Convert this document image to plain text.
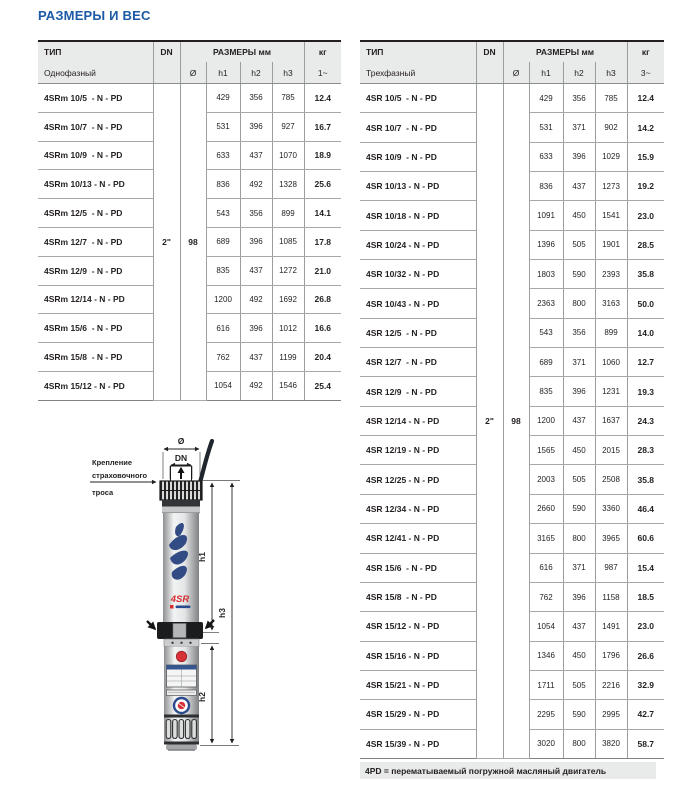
РАЗМЕРЫ И ВЕС
ТИП	DN	РАЗМЕРЫ мм				кг
Однофазный		Ø	h1	h2	h3	1~
4SRm 10/5  - N - PD	2"	98	429	356	785	12.4
4SRm 10/7  - N - PD			531	396	927	16.7
4SRm 10/9  - N - PD			633	437	1070	18.9
4SRm 10/13 - N - PD			836	492	1328	25.6
4SRm 12/5  - N - PD			543	356	899	14.1
4SRm 12/7  - N - PD			689	396	1085	17.8
4SRm 12/9  - N - PD			835	437	1272	21.0
4SRm 12/14 - N - PD			1200	492	1692	26.8
4SRm 15/6  - N - PD			616	396	1012	16.6
4SRm 15/8  - N - PD			762	437	1199	20.4
4SRm 15/12 - N - PD			1054	492	1546	25.4
ТИП	DN	РАЗМЕРЫ мм				кг
Трехфазный		Ø	h1	h2	h3	3~
4SR 10/5  - N - PD	2"	98	429	356	785	12.4
4SR 10/7  - N - PD			531	371	902	14.2
4SR 10/9  - N - PD			633	396	1029	15.9
4SR 10/13 - N - PD			836	437	1273	19.2
4SR 10/18 - N - PD			1091	450	1541	23.0
4SR 10/24 - N - PD			1396	505	1901	28.5
4SR 10/32 - N - PD			1803	590	2393	35.8
4SR 10/43 - N - PD			2363	800	3163	50.0
4SR 12/5  - N - PD			543	356	899	14.0
4SR 12/7  - N - PD			689	371	1060	12.7
4SR 12/9  - N - PD			835	396	1231	19.3
4SR 12/14 - N - PD			1200	437	1637	24.3
4SR 12/19 - N - PD			1565	450	2015	28.3
4SR 12/25 - N - PD			2003	505	2508	35.8
4SR 12/34 - N - PD			2660	590	3360	46.4
4SR 12/41 - N - PD			3165	800	3965	60.6
4SR 15/6  - N - PD			616	371	987	15.4
4SR 15/8  - N - PD			762	396	1158	18.5
4SR 15/12 - N - PD			1054	437	1491	23.0
4SR 15/16 - N - PD			1346	450	1796	26.6
4SR 15/21 - N - PD			1711	505	2216	32.9
4SR 15/29 - N - PD			2295	590	2995	42.7
4SR 15/39 - N - PD			3020	800	3820	58.7
4PD = перематываемый погружной масляный двигатель
Крепление
страховочного
троса
Ø
DN
4SR
h1
h2
h3
